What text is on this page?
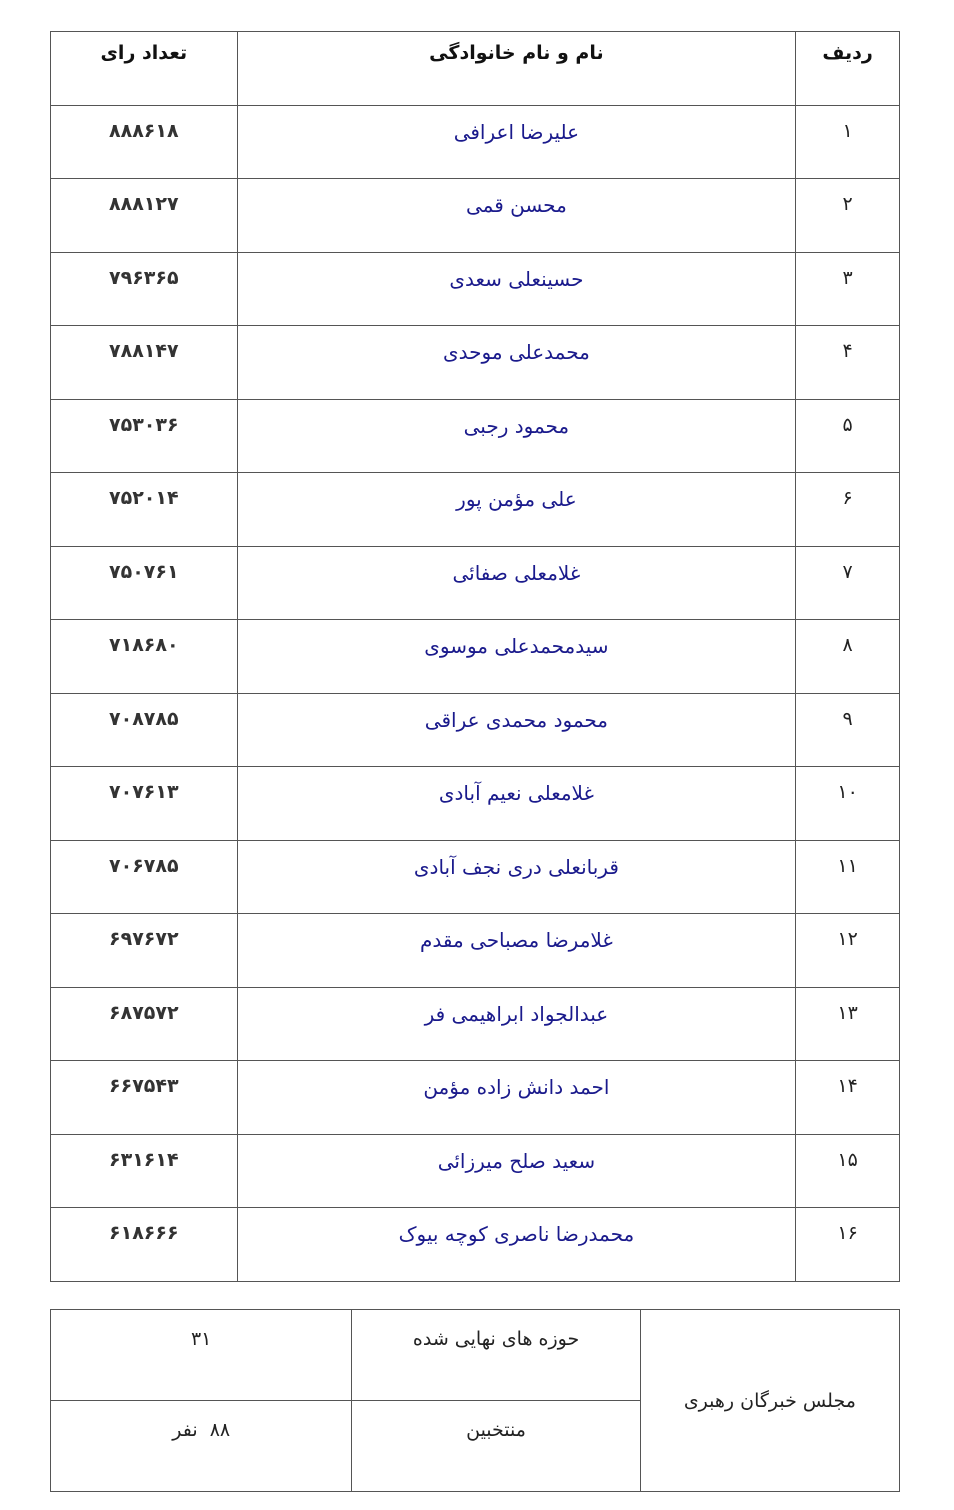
ردیف	نام و نام خانوادگی	تعداد رای
۱	علیرضا اعرافی	۸۸۸۶۱۸
۲	محسن قمی	۸۸۸۱۲۷
۳	حسینعلی سعدی	۷۹۶۳۶۵
۴	محمدعلی موحدی	۷۸۸۱۴۷
۵	محمود رجبی	۷۵۳۰۳۶
۶	علی مؤمن پور	۷۵۲۰۱۴
۷	غلامعلی صفائی	۷۵۰۷۶۱
۸	سیدمحمدعلی موسوی	۷۱۸۶۸۰
۹	محمود محمدی عراقی	۷۰۸۷۸۵
۱۰	غلامعلی نعیم آبادی	۷۰۷۶۱۳
۱۱	قربانعلی دری نجف آبادی	۷۰۶۷۸۵
۱۲	غلامرضا مصباحی مقدم	۶۹۷۶۷۲
۱۳	عبدالجواد ابراهیمی فر	۶۸۷۵۷۲
۱۴	احمد دانش زاده مؤمن	۶۶۷۵۴۳
۱۵	سعید صلح میرزائی	۶۳۱۶۱۴
۱۶	محمدرضا ناصری کوچه بیوک	۶۱۸۶۶۶
مجلس خبرگان رهبری	حوزه های نهایی شده	۳۱
	منتخبین	۸۸  نفر
